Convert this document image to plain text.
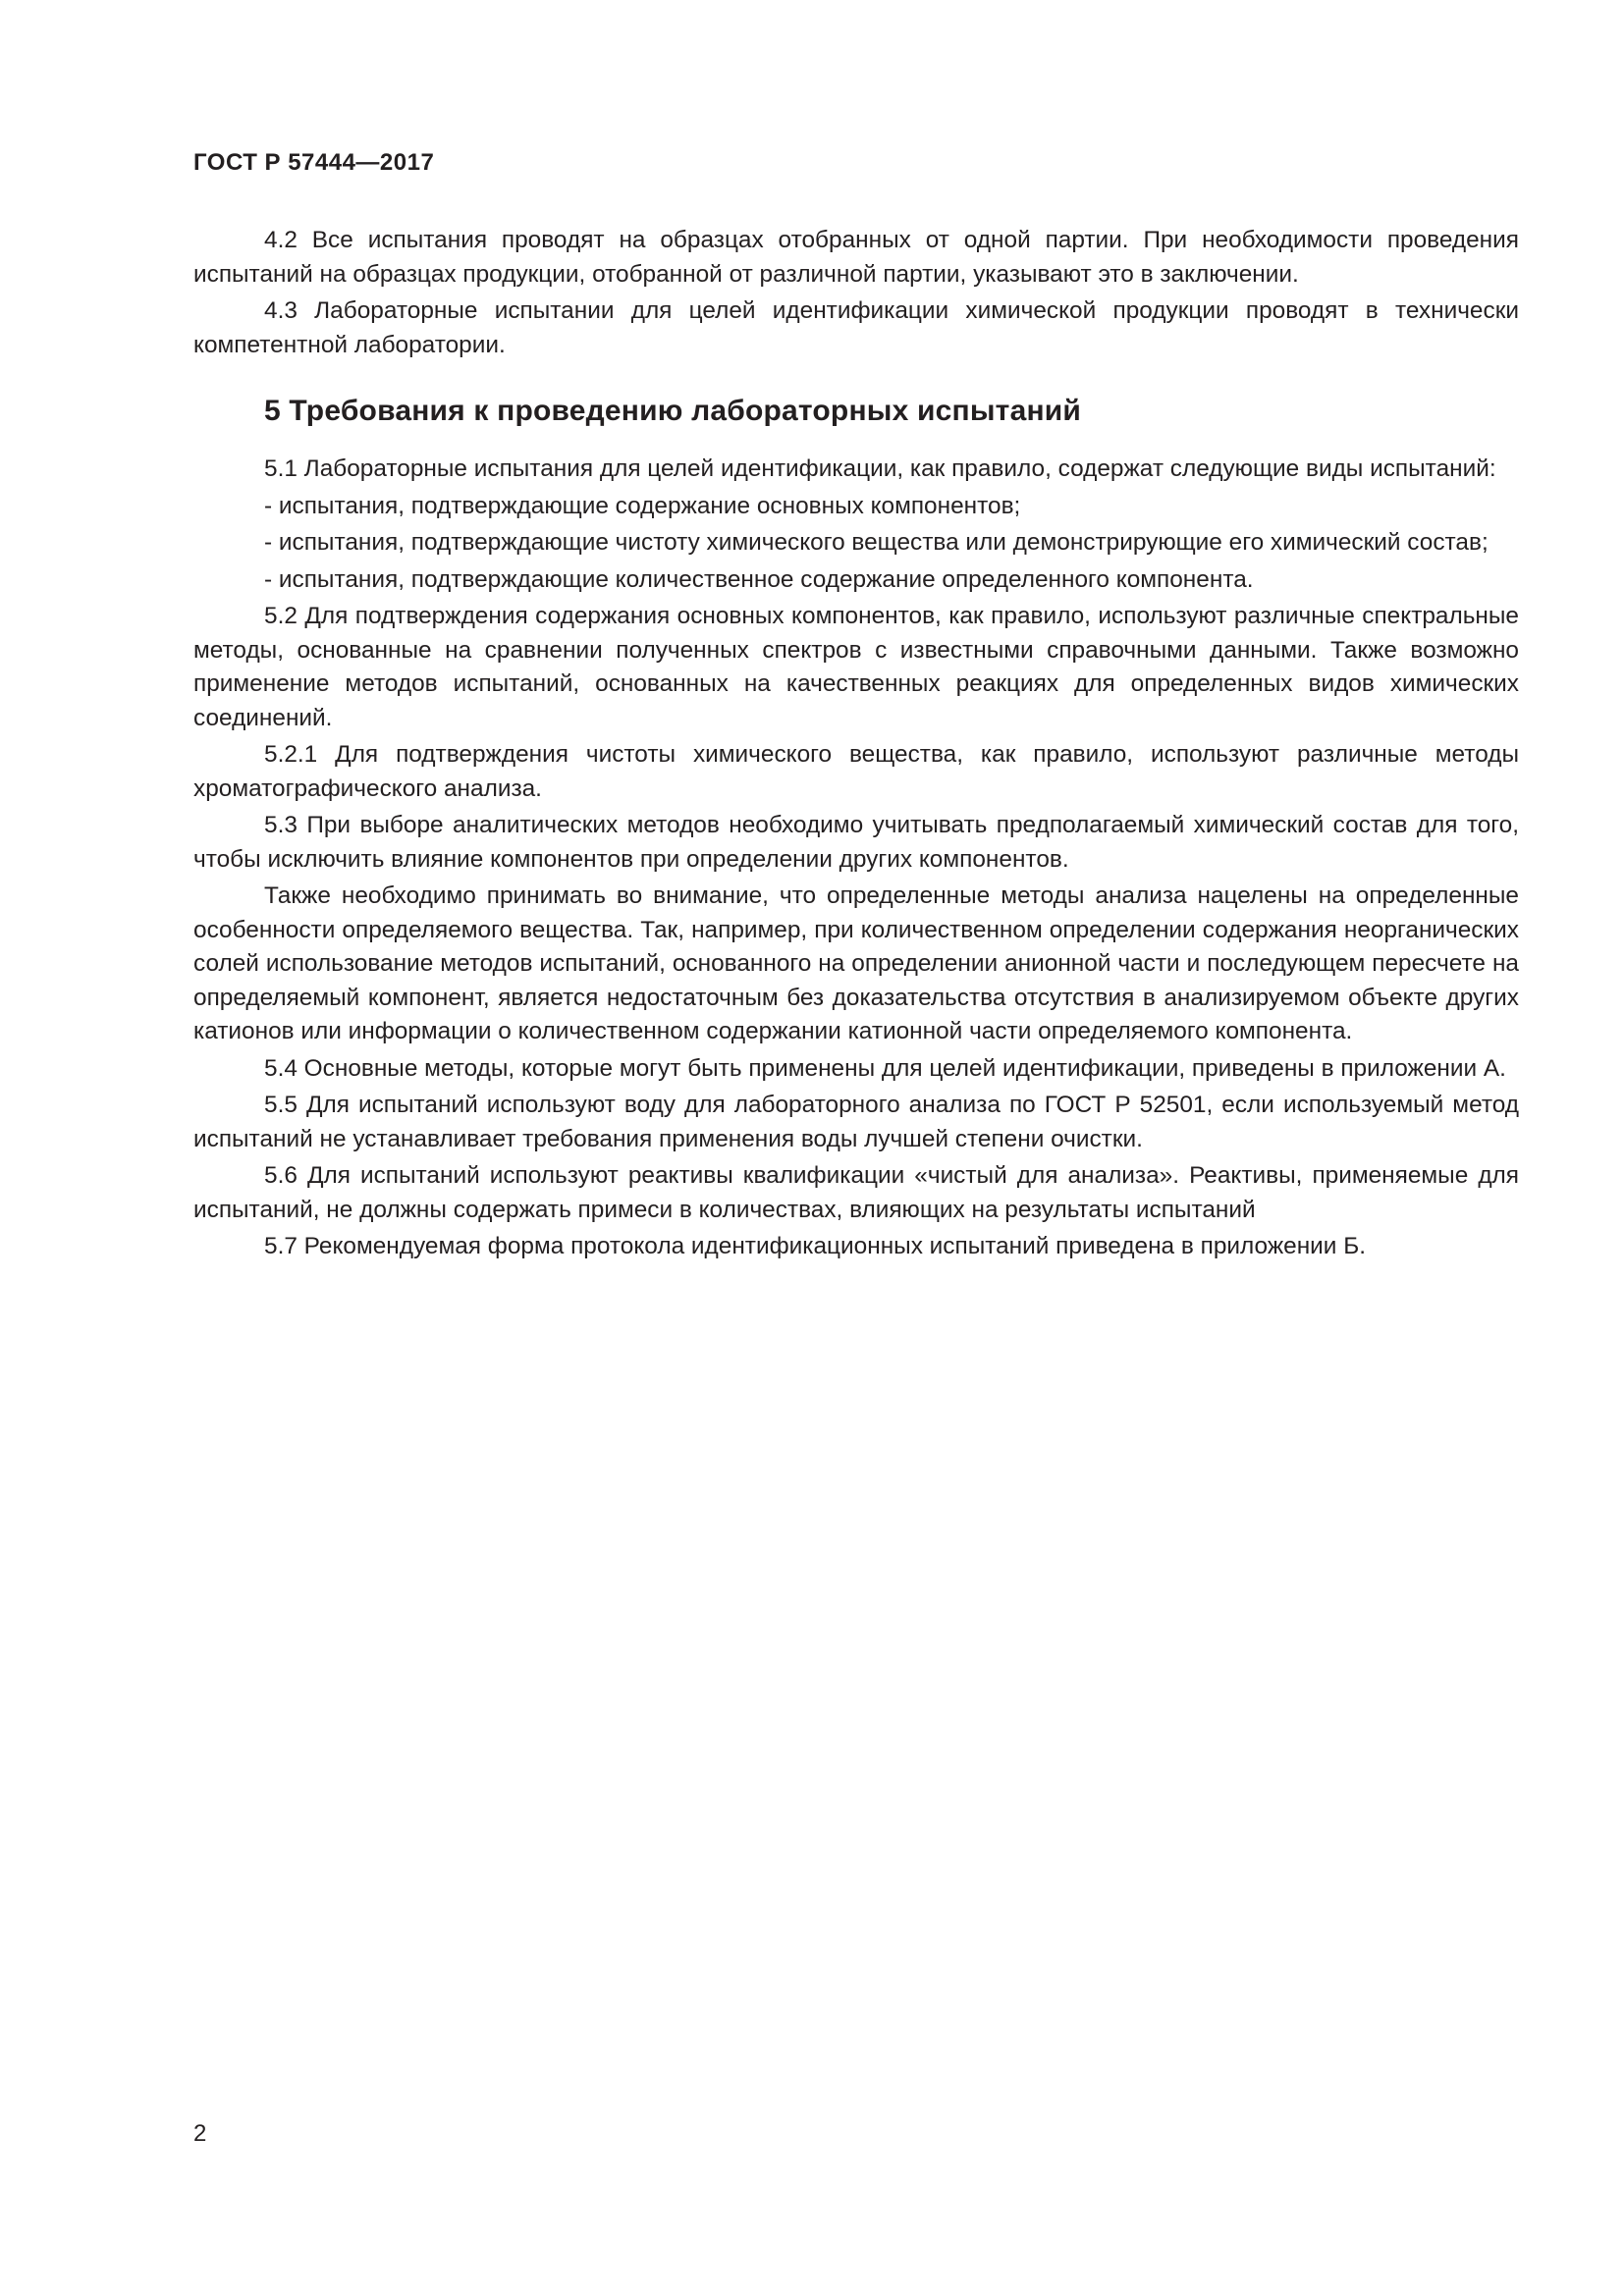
ГОСТ Р 57444—2017

4.2 Все испытания проводят на образцах отобранных от одной партии. При необходимости проведения испытаний на образцах продукции, отобранной от различной партии, указывают это в заключении.

4.3 Лабораторные испытании для целей идентификации химической продукции проводят в технически компетентной лаборатории.

5 Требования к проведению лабораторных испытаний

5.1 Лабораторные испытания для целей идентификации, как правило, содержат следующие виды испытаний:

- испытания, подтверждающие содержание основных компонентов;

- испытания, подтверждающие чистоту химического вещества или демонстрирующие его химический состав;

- испытания, подтверждающие количественное содержание определенного компонента.

5.2 Для подтверждения содержания основных компонентов, как правило, используют различные спектральные методы, основанные на сравнении полученных спектров с известными справочными данными. Также возможно применение методов испытаний, основанных на качественных реакциях для определенных видов химических соединений.

5.2.1 Для подтверждения чистоты химического вещества, как правило, используют различные методы хроматографического анализа.

5.3 При выборе аналитических методов необходимо учитывать предполагаемый химический состав для того, чтобы исключить влияние компонентов при определении других компонентов.

Также необходимо принимать во внимание, что определенные методы анализа нацелены на определенные особенности определяемого вещества. Так, например, при количественном определении содержания неорганических солей использование методов испытаний, основанного на определении анионной части и последующем пересчете на определяемый компонент, является недостаточным без доказательства отсутствия в анализируемом объекте других катионов или информации о количественном содержании катионной части определяемого компонента.

5.4 Основные методы, которые могут быть применены для целей идентификации, приведены в приложении А.

5.5 Для испытаний используют воду для лабораторного анализа по ГОСТ Р 52501, если используемый метод испытаний не устанавливает требования применения воды лучшей степени очистки.

5.6 Для испытаний используют реактивы квалификации «чистый для анализа». Реактивы, применяемые для испытаний, не должны содержать примеси в количествах, влияющих на результаты испытаний

5.7 Рекомендуемая форма протокола идентификационных испытаний приведена в приложении Б.

2
